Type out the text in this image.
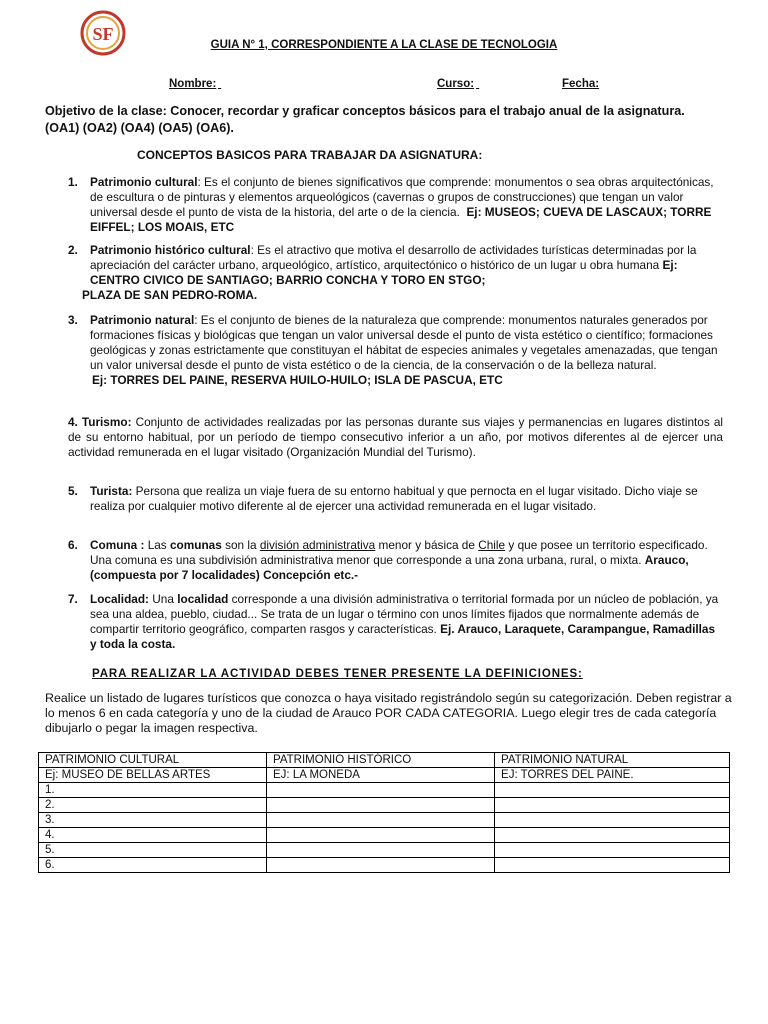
SF
GUIA N° 1, CORRESPONDIENTE A LA CLASE DE TECNOLOGIA
Nombre:
	Curso:
	Fecha:
Objetivo de la clase: Conocer, recordar y graficar conceptos básicos para el trabajo anual de la asignatura.
(OA1) (OA2) (OA4) (OA5) (OA6).
CONCEPTOS BASICOS PARA TRABAJAR DA ASIGNATURA:
1. Patrimonio cultural: Es el conjunto de bienes significativos que comprende: monumentos o sea obras arquitectónicas, de escultura o de pinturas y elementos arqueológicos (cavernas o grupos de construcciones) que tengan un valor universal desde el punto de vista de la historia, del arte o de la ciencia. Ej: MUSEOS; CUEVA DE LASCAUX; TORRE EIFFEL; LOS MOAIS, ETC
2. Patrimonio histórico cultural: Es el atractivo que motiva el desarrollo de actividades turísticas determinadas por la apreciación del carácter urbano, arqueológico, artístico, arquitectónico o histórico de un lugar u obra humana Ej: CENTRO CIVICO DE SANTIAGO; BARRIO CONCHA Y TORO EN STGO;
PLAZA DE SAN PEDRO-ROMA.
3. Patrimonio natural: Es el conjunto de bienes de la naturaleza que comprende: monumentos naturales generados por formaciones físicas y biológicas que tengan un valor universal desde el punto de vista estético o científico; formaciones geológicas y zonas estrictamente que constituyan el hábitat de especies animales y vegetales amenazadas, que tengan un valor universal desde el punto de vista estético o de la ciencia, de la conservación o de la belleza natural.
Ej: TORRES DEL PAINE, RESERVA HUILO-HUILO; ISLA DE PASCUA, ETC
4. Turismo: Conjunto de actividades realizadas por las personas durante sus viajes y permanencias en lugares distintos al de su entorno habitual, por un período de tiempo consecutivo inferior a un año, por motivos diferentes al de ejercer una actividad remunerada en el lugar visitado (Organización Mundial del Turismo).
5. Turista: Persona que realiza un viaje fuera de su entorno habitual y que pernocta en el lugar visitado. Dicho viaje se realiza por cualquier motivo diferente al de ejercer una actividad remunerada en el lugar visitado.
6. Comuna : Las comunas son la división administrativa menor y básica de Chile y que posee un territorio especificado. Una comuna es una subdivisión administrativa menor que corresponde a una zona urbana, rural, o mixta. Arauco, (compuesta por 7 localidades) Concepción etc.-
7. Localidad: Una localidad corresponde a una división administrativa o territorial formada por un núcleo de población, ya sea una aldea, pueblo, ciudad... Se trata de un lugar o término con unos límites fijados que normalmente además de compartir territorio geográfico, comparten rasgos y características. Ej. Arauco, Laraquete, Carampangue, Ramadillas y toda la costa.
PARA REALIZAR LA ACTIVIDAD DEBES TENER PRESENTE LA DEFINICIONES:
Realice un listado de lugares turísticos que conozca o haya visitado registrándolo según su categorización. Deben registrar a lo menos 6 en cada categoría y uno de la ciudad de Arauco POR CADA CATEGORIA. Luego elegir tres de cada categoría dibujarlo o pegar la imagen respectiva.
PATRIMONIO CULTURAL	PATRIMONIO HISTÓRICO	PATRIMONIO NATURAL
Ej: MUSEO DE BELLAS ARTES	EJ: LA MONEDA	EJ: TORRES DEL PAINE.
1.		
2.		
3.		
4.		
5.		
6.		
